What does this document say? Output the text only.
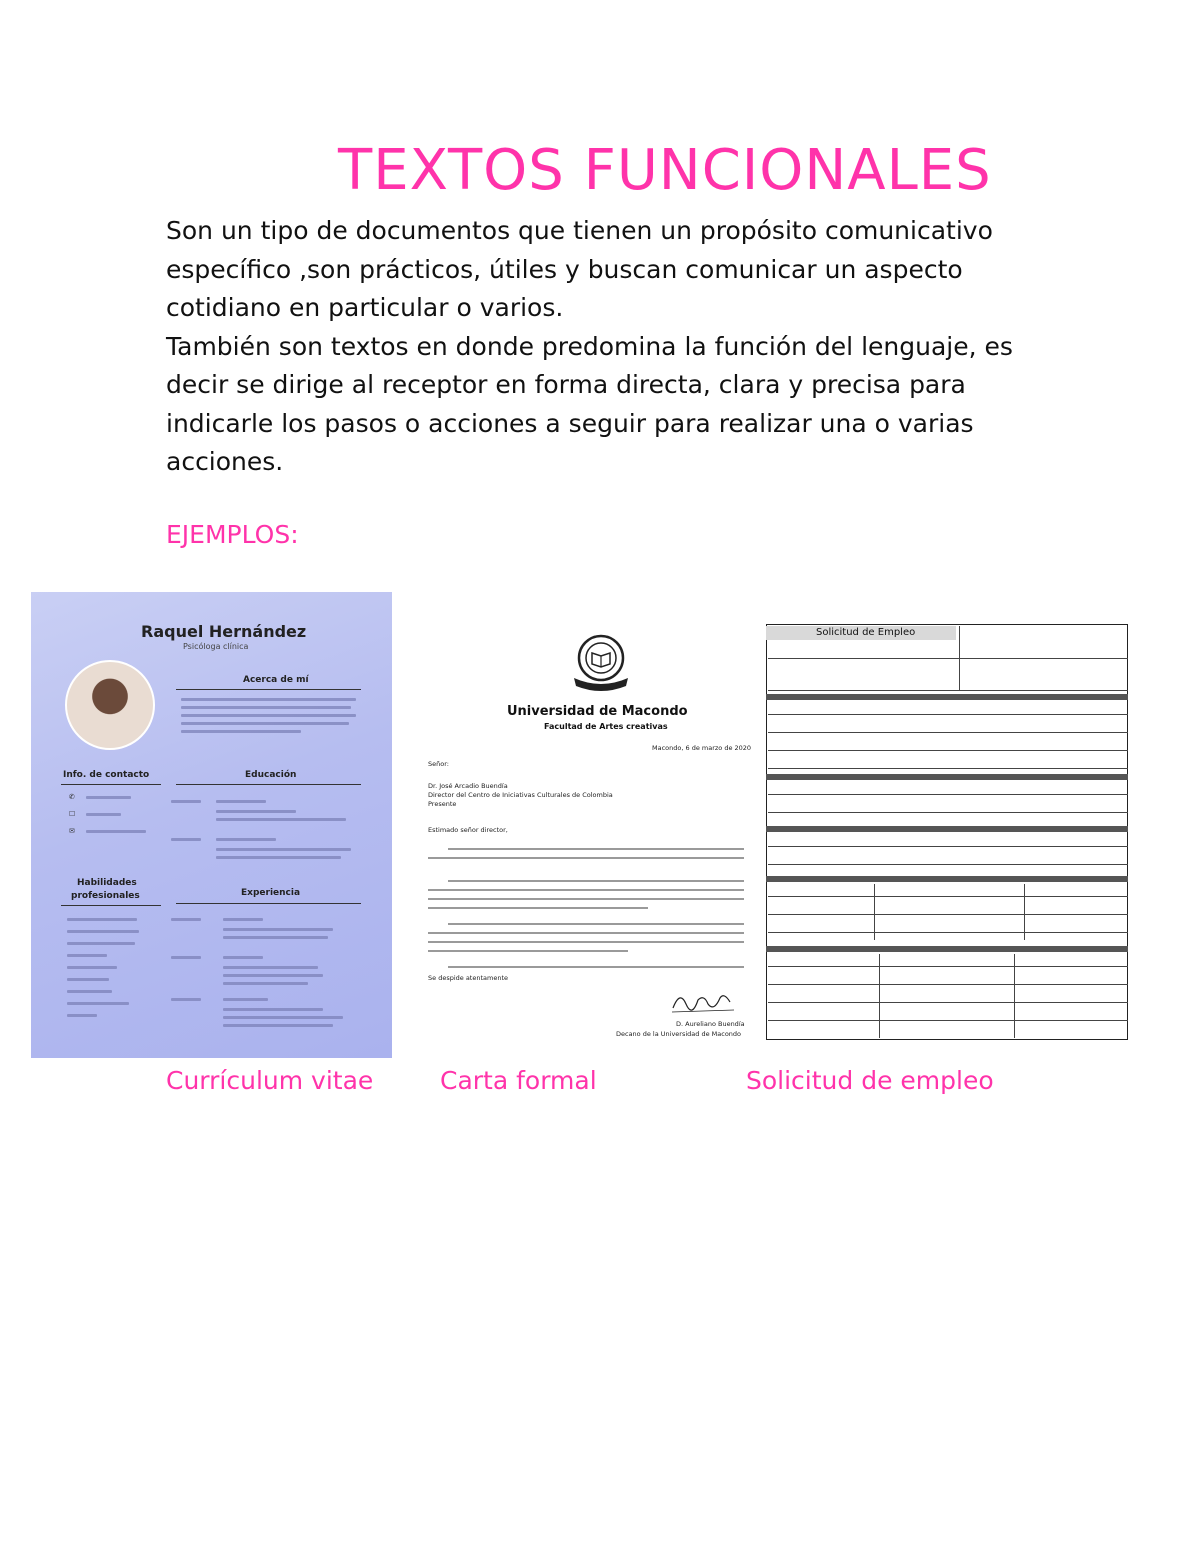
TEXTOS FUNCIONALES

Son un tipo de documentos que tienen un propósito comunicativo específico ,son prácticos, útiles y buscan comunicar un aspecto cotidiano en particular o varios.

También son textos en donde predomina la función del lenguaje, es decir se dirige al receptor en forma directa, clara y precisa para indicarle los pasos o acciones a seguir para realizar una o varias acciones.

EJEMPLOS:
Raquel Hernández
Psicóloga clínica
Acerca de mí
Info. de contacto
✆
☐
✉
Educación
Habilidades
profesionales	Experiencia
Universidad de Macondo
Facultad de Artes creativas
Macondo, 6 de marzo de 2020
Señor:
Dr. José Arcadio Buendía
Director del Centro de Iniciativas Culturales de Colombia
Presente
Estimado señor director,
Se despide atentamente
D. Aureliano Buendía
Decano de la Universidad de Macondo
Solicitud de Empleo
Currículum vitae	Carta formal	Solicitud de empleo
